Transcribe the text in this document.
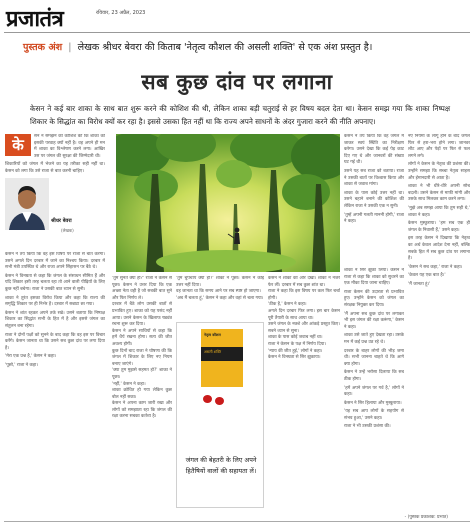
प्रजातंत्र	रविवार, 23 अप्रैल, 2023
पुस्तक अंश | लेखक श्रीधर बेवरा की किताब 'नेतृत्व कौशल की असली शक्ति' से एक अंश प्रस्तुत है।
सब कुछ दांव पर लगाना
केसन ने कई बार शाका के साथ बात शुरू करने की कोशिश की थी, लेकिन शाका बड़ी चतुराई से हर विषय बदल देता था। केसन समझ गया कि शाका निष्पक्ष शिकार के सिद्धांत का विरोध क्यों कर रहा है। इससे उसका हित नहीं था कि राज्य अपने साधनों के अंदर गुजारा करने की नीति अपनाए।
के	सन ने समझने की कोशिश की कि शाका को इसकी परवाह क्यों नहीं है। वह अपने ही मन में शाका का विश्लेषण करने लगा। आखिर उस पर जंगल की सुरक्षा की जिम्मेदारी थी।
शिकारियों को जंगल में भेजने का यह तरीका सही नहीं था। केसन को लगा कि उसे राजा से बात करनी चाहिए।
श्रीधर बेवरा
(लेखक)
केसन ने तय किया कि वह इस विषय पर राजा से बात करेगा। उसने अगले दिन दरबार में जाने का निश्चय किया। दरबार में सभी मंत्री उपस्थित थे और राजा अपने सिंहासन पर बैठे थे।
केसन ने विनम्रता से कहा कि जंगल के संसाधन सीमित हैं और यदि शिकार इसी तरह चलता रहा तो आने वाली पीढ़ियों के लिए कुछ नहीं बचेगा। राजा ने उसकी बात ध्यान से सुनी।
शाका ने तुरंत इसका विरोध किया और कहा कि राज्य की समृद्धि शिकार पर ही निर्भर है। दरबार में सन्नाटा छा गया।
केसन ने शांत रहकर अपने तर्क रखे। उसने बताया कि निष्पक्ष शिकार का सिद्धांत सभी के हित में है और इससे जंगल का संतुलन बना रहेगा।
राजा ने दोनों पक्षों को सुनने के बाद कहा कि वह इस पर विचार करेंगे। केसन जानता था कि उसने सब कुछ दांव पर लगा दिया है।
'मेरा एक प्रश्न है,' केसन ने कहा।
'पूछो,' राजा ने कहा।
केसन ने तय किया कि वह जंगल में जाकर स्वयं स्थिति का निरीक्षण करेगा। उसने देखा कि कई पेड़ काट दिए गए थे और जानवरों की संख्या घट गई थी।
उसने यह सब राजा को बताया। राजा ने उसकी बातों पर विश्वास किया और शाका से जवाब मांगा।
शाका के पास कोई उत्तर नहीं था। उसने बहाने बनाने की कोशिश की लेकिन राजा ने उसकी एक न सुनी।
'तुम्हें अपनी गलती माननी होगी,' राजा ने कहा।
नए नियमों के लागू होने के बाद जंगल फिर से हरा-भरा होने लगा। जानवर लौट आए और पेड़ों पर फिर से फल लगने लगे।
लोगों ने केसन के नेतृत्व की प्रशंसा की। उन्होंने समझा कि सच्चा नेतृत्व साहस और ईमानदारी से आता है।
शाका ने भी धीरे-धीरे अपनी सोच बदली। उसने केसन से माफी मांगी और उसके साथ मिलकर काम करने लगा।
'मुझे अब समझ आया कि तुम सही थे,' शाका ने कहा।
केसन मुस्कुराया। 'हम सब एक ही जंगल के निवासी हैं,' उसने कहा।
इस तरह केसन ने दिखाया कि नेतृत्व का अर्थ केवल आदेश देना नहीं, बल्कि सबके हित में सब कुछ दांव पर लगाना है।
'केसन ने सच कहा,' राजा ने कहा।
'केवल यह एक बात है।'
'मैं जानता हूं।'
'तुम सुनते क्यों हो?' राजा ने केसन से पूछा। केसन ने उत्तर दिया कि एक अच्छा नेता वही है जो सबकी बात सुने और फिर निर्णय ले।
दरबार में बैठे लोग उसकी बातों से प्रभावित हुए। शाका को यह पसंद नहीं आया। उसने केसन के खिलाफ षड्यंत्र रचना शुरू कर दिया।
केसन ने अपने साथियों से कहा कि हमें धैर्य रखना होगा। सत्य की जीत अवश्य होगी।
कुछ दिनों बाद राजा ने घोषणा की कि जंगल में शिकार के लिए नए नियम बनाए जाएंगे।
'क्या तुम मुझसे सहमत हो?' शाका ने पूछा।
'नहीं,' केसन ने कहा।
शाका क्रोधित हो गया लेकिन कुछ बोल नहीं सका।
केसन ने अपना काम जारी रखा और लोगों को समझाता रहा कि जंगल की रक्षा करना सबका कर्तव्य है।
'तुम चुपचाप क्यों हो?' शाका ने पूछा। केसन ने कोई उत्तर नहीं दिया।
वह जानता था कि समय आने पर सब स्पष्ट हो जाएगा।
'अब मैं चलता हूं,' केसन ने कहा और वहां से चला गया।
नेतृत्व कौशल
असली शक्ति
जंगल की बेहतरी के लिए अपने हितैषियों वालों की सहायता लें।
केसन ने शाका की ओर देखा। शाका ने नजरें फेर लीं। दरबार में सब कुछ शांत था।
राजा ने कहा कि इस विषय पर कल फिर चर्चा होगी।
'ठीक है,' केसन ने कहा।
अगले दिन दरबार फिर लगा। इस बार केसन पूरी तैयारी के साथ आया था।
उसने जंगल के नक्शे और आंकड़े प्रस्तुत किए।
सबने ध्यान से सुना।
शाका के पास कोई जवाब नहीं था।
राजा ने केसन के पक्ष में निर्णय दिया।
'न्याय की जीत हुई,' लोगों ने कहा।
केसन ने विनम्रता से सिर झुकाया।
शाका ने सिर झुका लिया। केसन ने राजा से कहा कि शाका को सुधरने का एक मौका दिया जाना चाहिए।
राजा केसन की उदारता से प्रभावित हुए। उन्होंने केसन को जंगल का संरक्षक नियुक्त कर दिया।
'मैं अपना सब कुछ दांव पर लगाकर भी इस जंगल की रक्षा करूंगा,' केसन ने कहा।
शाका उसे जाते हुए देखता रहा। उसके मन में कई प्रश्न उठ रहे थे।
दरबार के बाहर लोगों की भीड़ जमा थी। सभी जानना चाहते थे कि आगे क्या होगा।
केसन ने उन्हें भरोसा दिलाया कि सब ठीक होगा।
'हमें अपने जंगल पर गर्व है,' लोगों ने कहा।
केसन ने सिर हिलाया और मुस्कुराया।
'यह सब आप लोगों के सहयोग से संभव हुआ,' उसने कहा।
राजा ने भी उसकी प्रशंसा की।
- (पुस्तक प्रकाशक: प्रभात)
